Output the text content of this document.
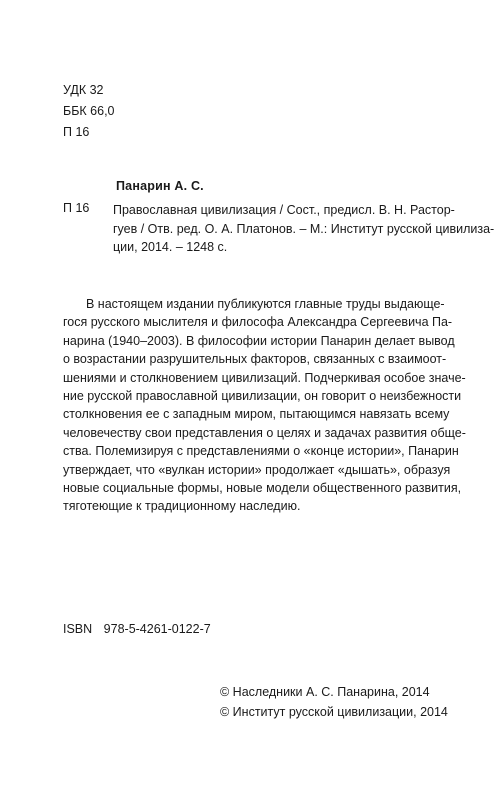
УДК 32
ББК 66,0
П 16
Панарин А. С.
П 16 Православная цивилизация / Сост., предисл. В. Н. Растор-
гуев / Отв. ред. О. А. Платонов. – М.: Институт русской цивилиза-
ции, 2014. – 1248 с.
В настоящем издании публикуются главные труды выдающе-
гося русского мыслителя и философа Александра Сергеевича Па-
нарина (1940–2003). В философии истории Панарин делает вывод
о возрастании разрушительных факторов, связанных с взаимоот-
шениями и столкновением цивилизаций. Подчеркивая особое значе-
ние русской православной цивилизации, он говорит о неизбежности
столкновения ее с западным миром, пытающимся навязать всему
человечеству свои представления о целях и задачах развития обще-
ства. Полемизируя с представлениями о «конце истории», Панарин
утверждает, что «вулкан истории» продолжает «дышать», образуя
новые социальные формы, новые модели общественного развития,
тяготеющие к традиционному наследию.
ISBN 978-5-4261-0122-7
© Наследники А. С. Панарина, 2014
© Институт русской цивилизации, 2014
